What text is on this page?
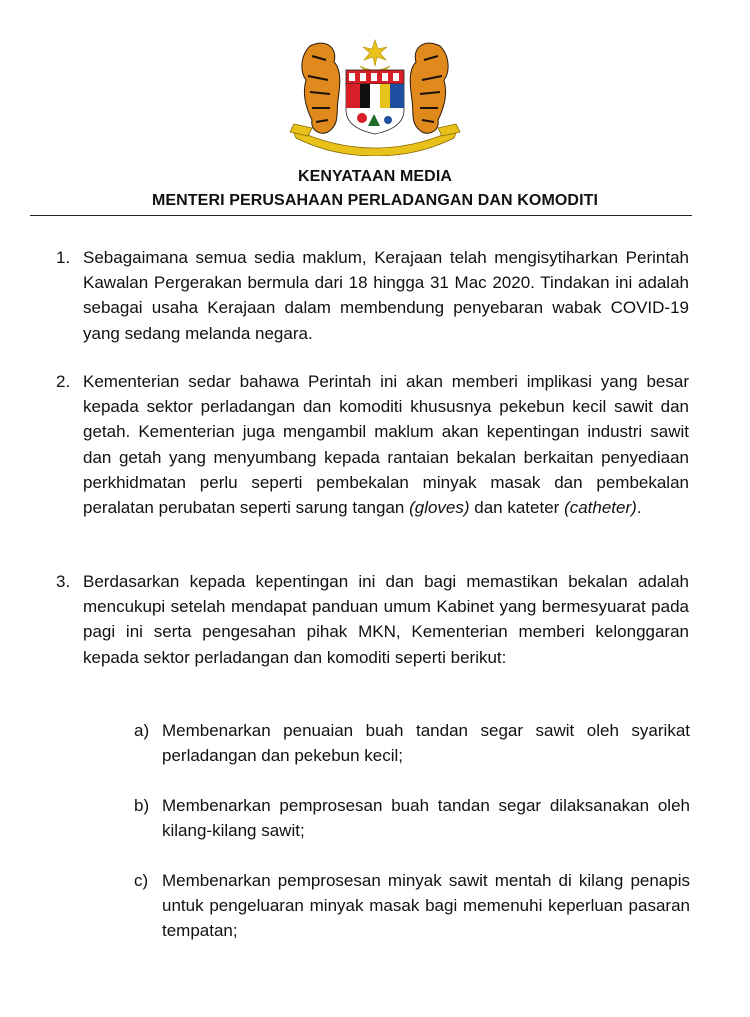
KENYATAAN MEDIA
MENTERI PERUSAHAAN PERLADANGAN DAN KOMODITI
1. Sebagaimana semua sedia maklum, Kerajaan telah mengisytiharkan Perintah Kawalan Pergerakan bermula dari 18 hingga 31 Mac 2020. Tindakan ini adalah sebagai usaha Kerajaan dalam membendung penyebaran wabak COVID-19 yang sedang melanda negara.
2. Kementerian sedar bahawa Perintah ini akan memberi implikasi yang besar kepada sektor perladangan dan komoditi khususnya pekebun kecil sawit dan getah. Kementerian juga mengambil maklum akan kepentingan industri sawit dan getah yang menyumbang kepada rantaian bekalan berkaitan penyediaan perkhidmatan perlu seperti pembekalan minyak masak dan pembekalan peralatan perubatan seperti sarung tangan (gloves) dan kateter (catheter).
3. Berdasarkan kepada kepentingan ini dan bagi memastikan bekalan adalah mencukupi setelah mendapat panduan umum Kabinet yang bermesyuarat pada pagi ini serta pengesahan pihak MKN, Kementerian memberi kelonggaran kepada sektor perladangan dan komoditi seperti berikut:
a) Membenarkan penuaian buah tandan segar sawit oleh syarikat perladangan dan pekebun kecil;
b) Membenarkan pemprosesan buah tandan segar dilaksanakan oleh kilang-kilang sawit;
c) Membenarkan pemprosesan minyak sawit mentah di kilang penapis untuk pengeluaran minyak masak bagi memenuhi keperluan pasaran tempatan;
